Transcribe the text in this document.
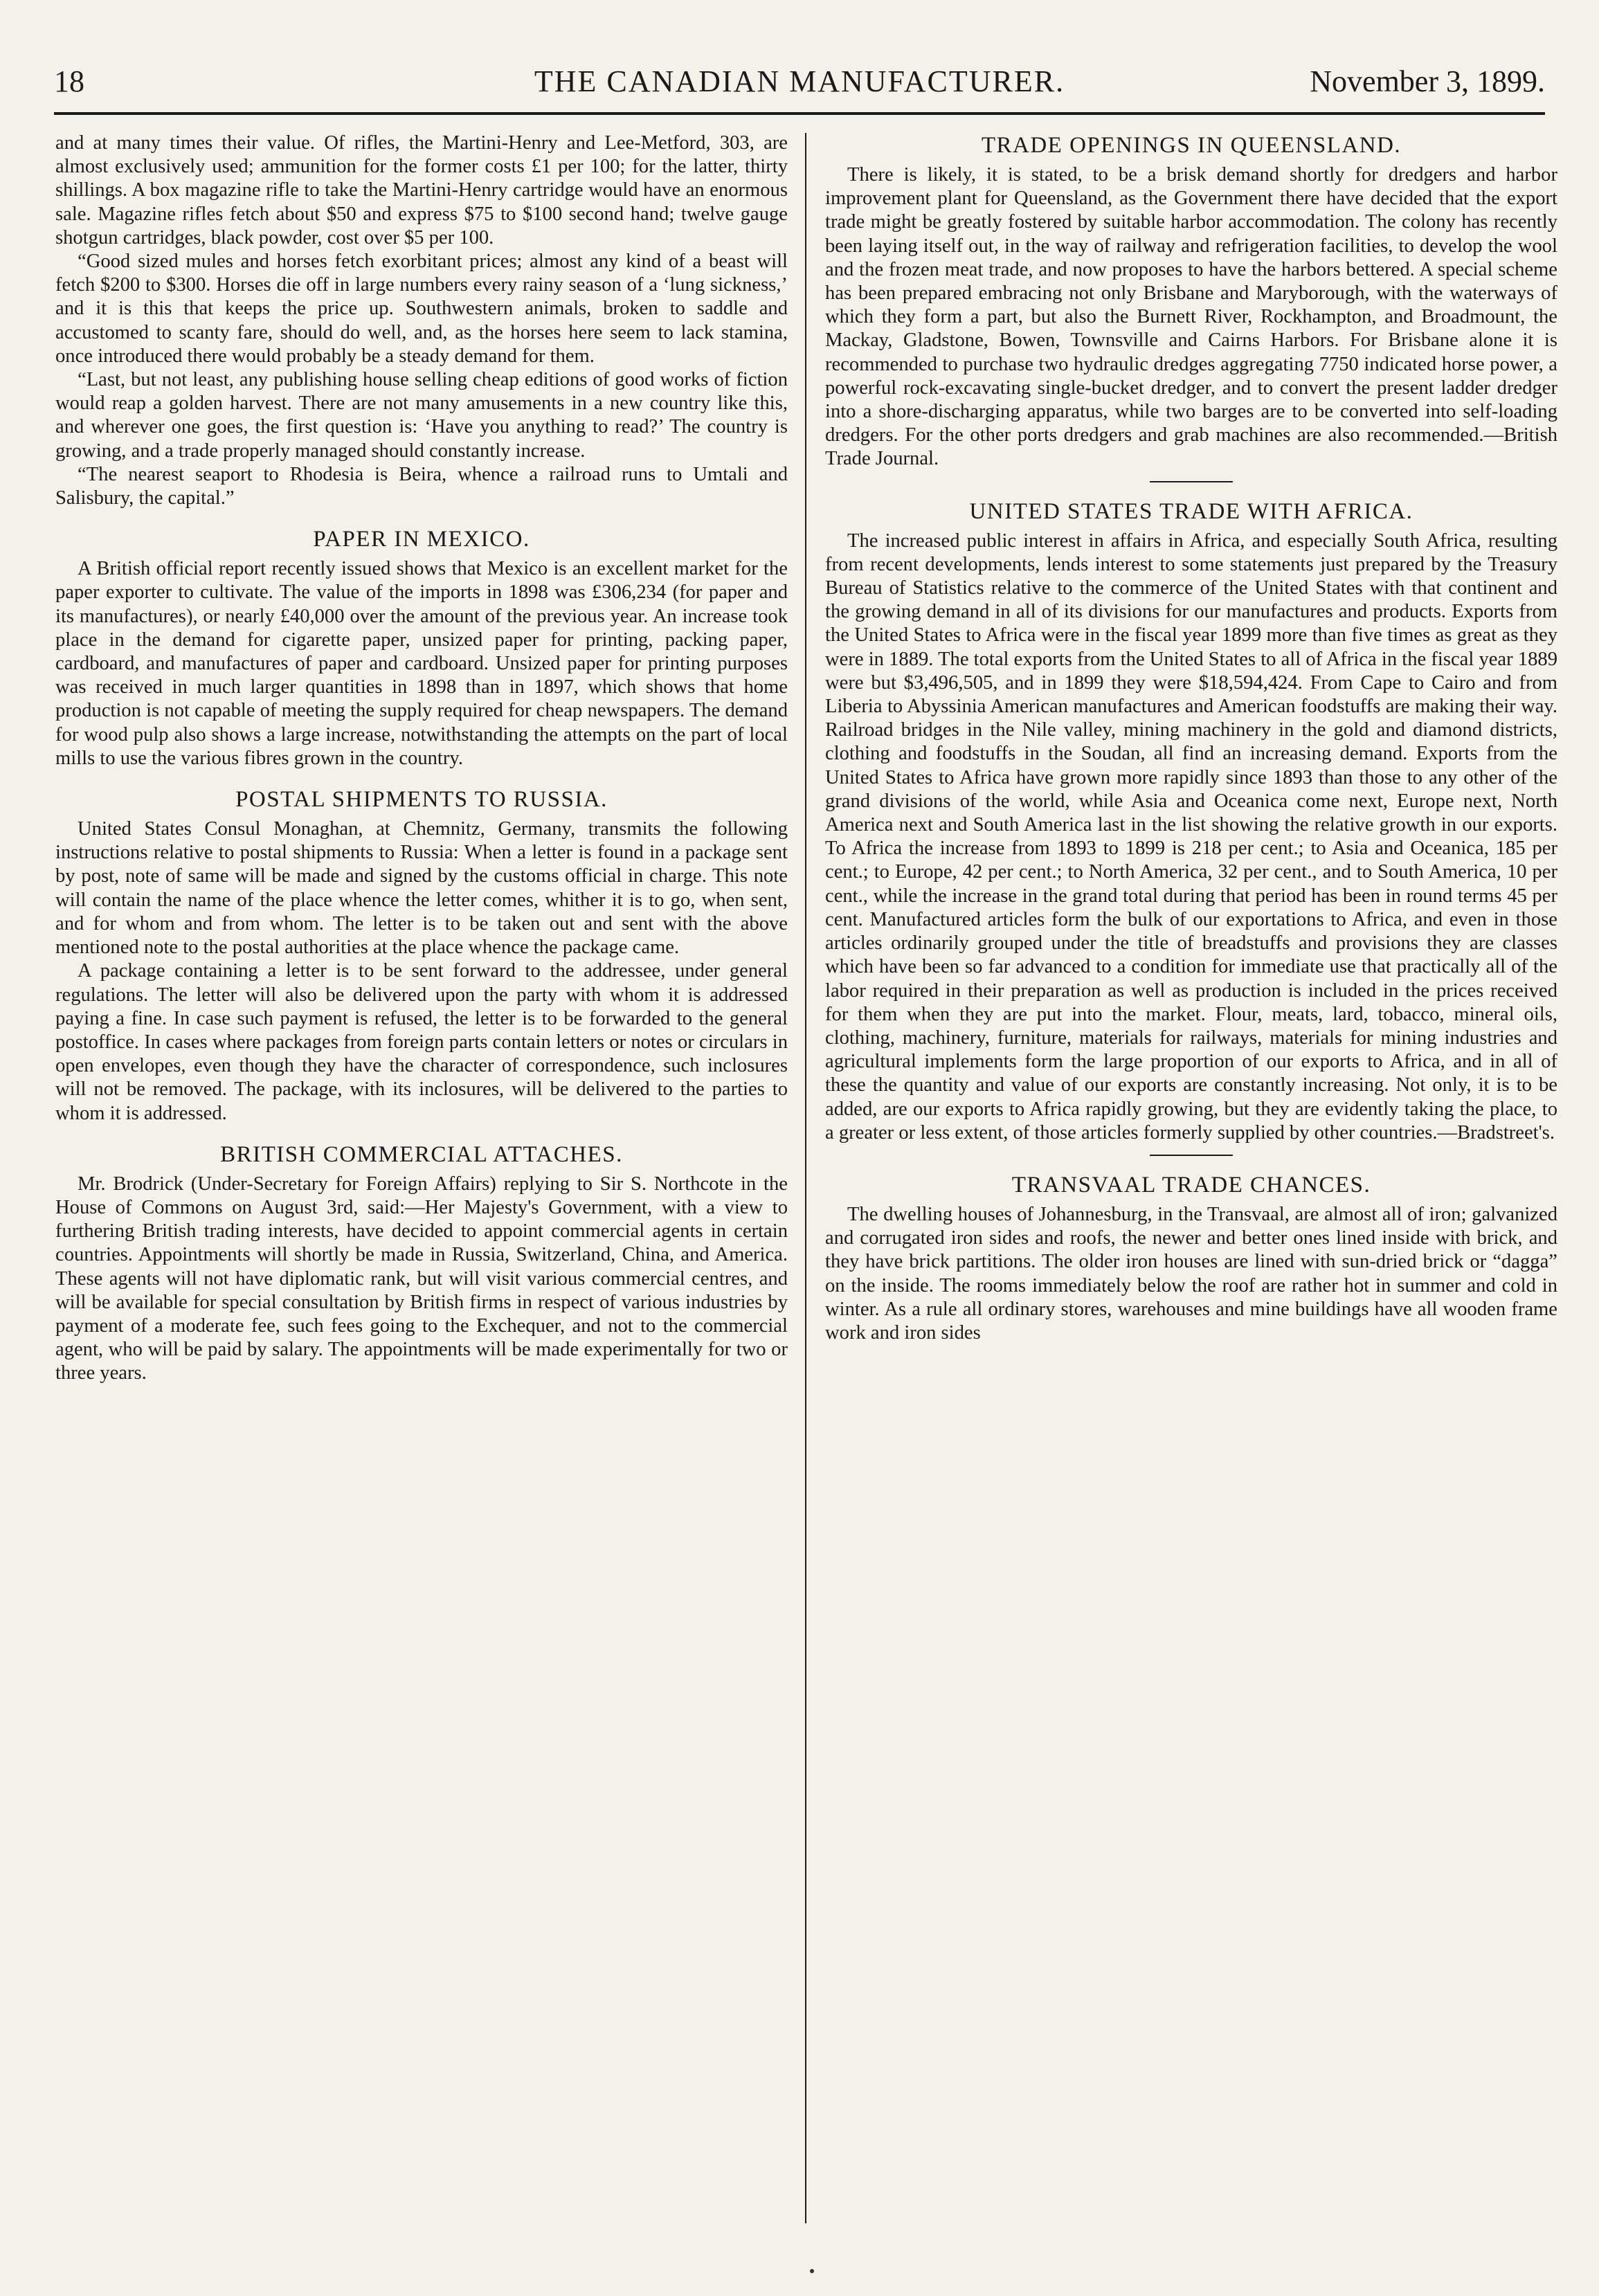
18	THE CANADIAN MANUFACTURER.	November 3, 1899.

and at many times their value. Of rifles, the Martini-Henry and Lee-Metford, 303, are almost exclusively used; ammunition for the former costs £1 per 100; for the latter, thirty shillings. A box magazine rifle to take the Martini-Henry cartridge would have an enormous sale. Magazine rifles fetch about $50 and express $75 to $100 second hand; twelve gauge shotgun cartridges, black powder, cost over $5 per 100.

“Good sized mules and horses fetch exorbitant prices; almost any kind of a beast will fetch $200 to $300. Horses die off in large numbers every rainy season of a ‘lung sickness,’ and it is this that keeps the price up. Southwestern animals, broken to saddle and accustomed to scanty fare, should do well, and, as the horses here seem to lack stamina, once introduced there would probably be a steady demand for them.

“Last, but not least, any publishing house selling cheap editions of good works of fiction would reap a golden harvest. There are not many amusements in a new country like this, and wherever one goes, the first question is: ‘Have you anything to read?’ The country is growing, and a trade properly managed should constantly increase.

“The nearest seaport to Rhodesia is Beira, whence a railroad runs to Umtali and Salisbury, the capital.”

PAPER IN MEXICO.

A British official report recently issued shows that Mexico is an excellent market for the paper exporter to cultivate. The value of the imports in 1898 was £306,234 (for paper and its manufactures), or nearly £40,000 over the amount of the previous year. An increase took place in the demand for cigarette paper, unsized paper for printing, packing paper, cardboard, and manufactures of paper and cardboard. Unsized paper for printing purposes was received in much larger quantities in 1898 than in 1897, which shows that home production is not capable of meeting the supply required for cheap newspapers. The demand for wood pulp also shows a large increase, notwithstanding the attempts on the part of local mills to use the various fibres grown in the country.

POSTAL SHIPMENTS TO RUSSIA.

United States Consul Monaghan, at Chemnitz, Germany, transmits the following instructions relative to postal shipments to Russia: When a letter is found in a package sent by post, note of same will be made and signed by the customs official in charge. This note will contain the name of the place whence the letter comes, whither it is to go, when sent, and for whom and from whom. The letter is to be taken out and sent with the above mentioned note to the postal authorities at the place whence the package came.

A package containing a letter is to be sent forward to the addressee, under general regulations. The letter will also be delivered upon the party with whom it is addressed paying a fine. In case such payment is refused, the letter is to be forwarded to the general postoffice. In cases where packages from foreign parts contain letters or notes or circulars in open envelopes, even though they have the character of correspondence, such inclosures will not be removed. The package, with its inclosures, will be delivered to the parties to whom it is addressed.

BRITISH COMMERCIAL ATTACHES.

Mr. Brodrick (Under-Secretary for Foreign Affairs) replying to Sir S. Northcote in the House of Commons on August 3rd, said:—Her Majesty's Government, with a view to furthering British trading interests, have decided to appoint commercial agents in certain countries. Appointments will shortly be made in Russia, Switzerland, China, and America. These agents will not have diplomatic rank, but will visit various commercial centres, and will be available for special consultation by British firms in respect of various industries by payment of a moderate fee, such fees going to the Exchequer, and not to the commercial agent, who will be paid by salary. The appointments will be made experimentally for two or three years.

TRADE OPENINGS IN QUEENSLAND.

There is likely, it is stated, to be a brisk demand shortly for dredgers and harbor improvement plant for Queensland, as the Government there have decided that the export trade might be greatly fostered by suitable harbor accommodation. The colony has recently been laying itself out, in the way of railway and refrigeration facilities, to develop the wool and the frozen meat trade, and now proposes to have the harbors bettered. A special scheme has been prepared embracing not only Brisbane and Maryborough, with the waterways of which they form a part, but also the Burnett River, Rockhampton, and Broadmount, the Mackay, Gladstone, Bowen, Townsville and Cairns Harbors. For Brisbane alone it is recommended to purchase two hydraulic dredges aggregating 7750 indicated horse power, a powerful rock-excavating single-bucket dredger, and to convert the present ladder dredger into a shore-discharging apparatus, while two barges are to be converted into self-loading dredgers. For the other ports dredgers and grab machines are also recommended.—British Trade Journal.

UNITED STATES TRADE WITH AFRICA.

The increased public interest in affairs in Africa, and especially South Africa, resulting from recent developments, lends interest to some statements just prepared by the Treasury Bureau of Statistics relative to the commerce of the United States with that continent and the growing demand in all of its divisions for our manufactures and products. Exports from the United States to Africa were in the fiscal year 1899 more than five times as great as they were in 1889. The total exports from the United States to all of Africa in the fiscal year 1889 were but $3,496,505, and in 1899 they were $18,594,424. From Cape to Cairo and from Liberia to Abyssinia American manufactures and American foodstuffs are making their way. Railroad bridges in the Nile valley, mining machinery in the gold and diamond districts, clothing and foodstuffs in the Soudan, all find an increasing demand. Exports from the United States to Africa have grown more rapidly since 1893 than those to any other of the grand divisions of the world, while Asia and Oceanica come next, Europe next, North America next and South America last in the list showing the relative growth in our exports. To Africa the increase from 1893 to 1899 is 218 per cent.; to Asia and Oceanica, 185 per cent.; to Europe, 42 per cent.; to North America, 32 per cent., and to South America, 10 per cent., while the increase in the grand total during that period has been in round terms 45 per cent. Manufactured articles form the bulk of our exportations to Africa, and even in those articles ordinarily grouped under the title of breadstuffs and provisions they are classes which have been so far advanced to a condition for immediate use that practically all of the labor required in their preparation as well as production is included in the prices received for them when they are put into the market. Flour, meats, lard, tobacco, mineral oils, clothing, machinery, furniture, materials for railways, materials for mining industries and agricultural implements form the large proportion of our exports to Africa, and in all of these the quantity and value of our exports are constantly increasing. Not only, it is to be added, are our exports to Africa rapidly growing, but they are evidently taking the place, to a greater or less extent, of those articles formerly supplied by other countries.—Bradstreet's.

TRANSVAAL TRADE CHANCES.

The dwelling houses of Johannesburg, in the Transvaal, are almost all of iron; galvanized and corrugated iron sides and roofs, the newer and better ones lined inside with brick, and they have brick partitions. The older iron houses are lined with sun-dried brick or “dagga” on the inside. The rooms immediately below the roof are rather hot in summer and cold in winter. As a rule all ordinary stores, warehouses and mine buildings have all wooden frame work and iron sides
